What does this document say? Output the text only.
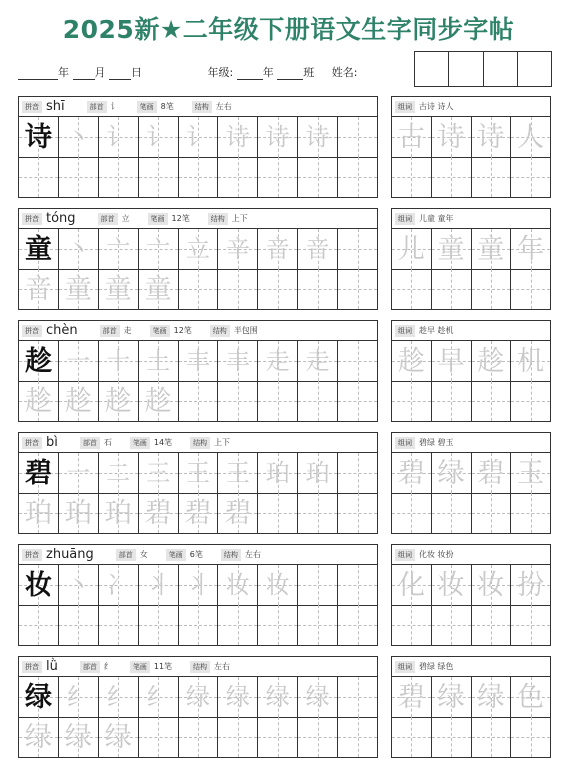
2025新★二年级下册语文生字同步字帖
年 月 日	年级:	年	班 姓名:
拼音 shī	部首 讠	笔画 8笔	结构 左右
诗 丶 讠 讠 讠 诗 诗 诗
组词 古诗 诗人
古 诗 诗 人
拼音 tóng	部首 立	笔画 12笔	结构 上下
童 丶 亠 亠 立 辛 音 音
音 童 童 童
组词 儿童 童年
儿 童 童 年
拼音 chèn	部首 走	笔画 12笔	结构 半包围
趁 一 十 土 丰 丰 走 走
趁 趁 趁 趁
组词 趁早 趁机
趁 早 趁 机
拼音 bì	部首 石	笔画 14笔	结构 上下
碧 一 二 三 王 王 珀 珀
珀 珀 珀 碧 碧 碧
组词 碧绿 碧玉
碧 绿 碧 玉
拼音 zhuāng	部首 女	笔画 6笔	结构 左右
妆 丶 冫 丬 丬 妆 妆
组词 化妆 妆扮
化 妆 妆 扮
拼音 lǜ	部首 纟	笔画 11笔	结构 左右
绿 纟 纟 纟 绿 绿 绿 绿
绿 绿 绿
组词 碧绿 绿色
碧 绿 绿 色
